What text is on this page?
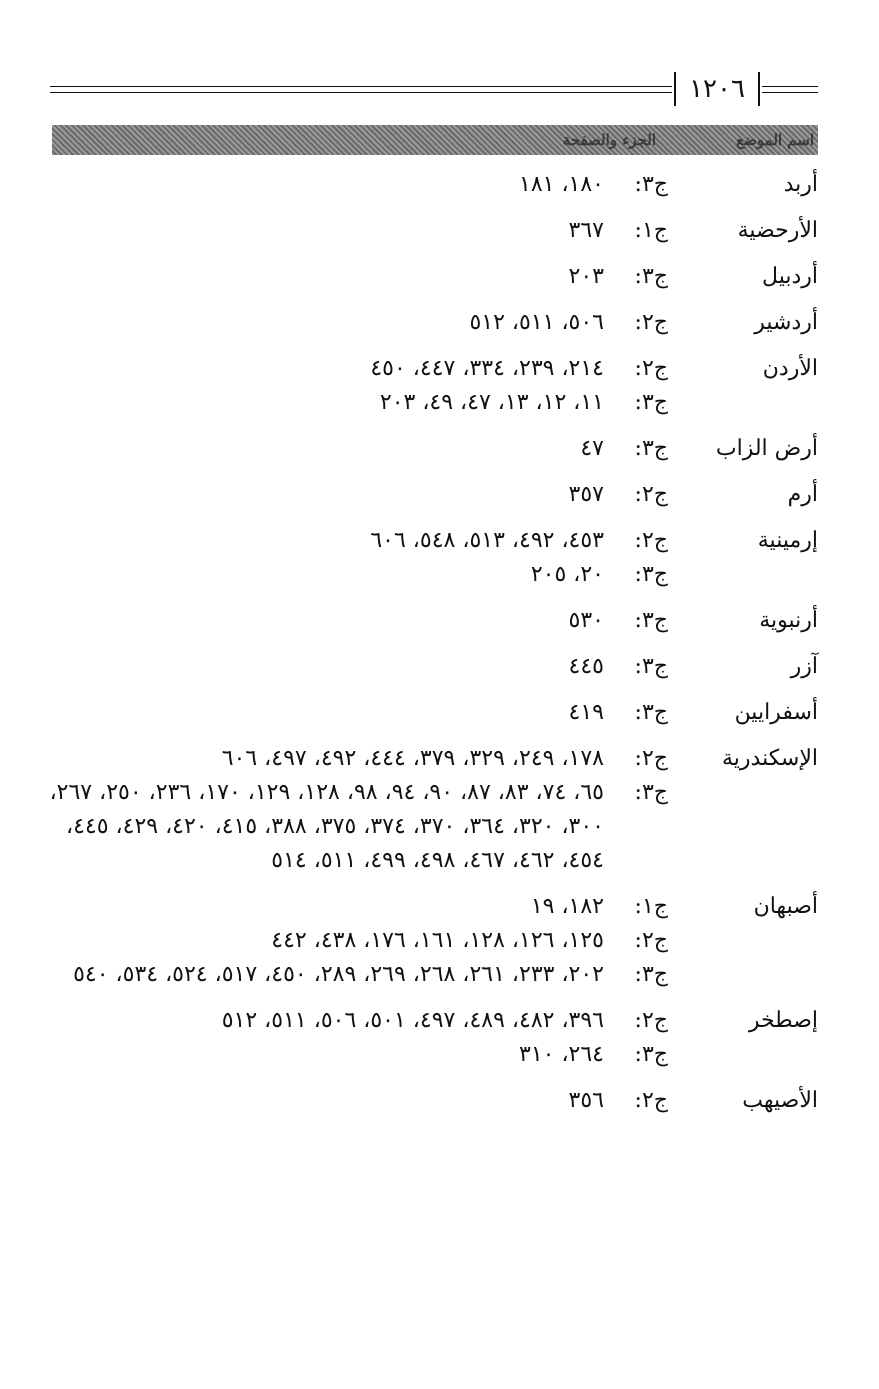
١٢٠٦
اسم الموضع
الجزء والصفحة
أربد
ج٣:
١٨٠، ١٨١
الأرحضية
ج١:
٣٦٧
أردبيل
ج٣:
٢٠٣
أردشير
ج٢:
٥٠٦، ٥١١، ٥١٢
الأردن
ج٢:
٢١٤، ٢٣٩، ٣٣٤، ٤٤٧، ٤٥٠
ج٣:
١١، ١٢، ١٣، ٤٧، ٤٩، ٢٠٣
أرض الزاب
ج٣:
٤٧
أرم
ج٢:
٣٥٧
إرمينية
ج٢:
٤٥٣، ٤٩٢، ٥١٣، ٥٤٨، ٦٠٦
ج٣:
٢٠، ٢٠٥
أرنبوية
ج٣:
٥٣٠
آزر
ج٣:
٤٤٥
أسفرايين
ج٣:
٤١٩
الإسكندرية
ج٢:
١٧٨، ٢٤٩، ٣٢٩، ٣٧٩، ٤٤٤، ٤٩٢، ٤٩٧، ٦٠٦
ج٣:
٦٥، ٧٤، ٨٣، ٨٧، ٩٠، ٩٤، ٩٨، ١٢٨، ١٢٩، ١٧٠، ٢٣٦، ٢٥٠، ٢٦٧، ٣٠٠، ٣٢٠، ٣٦٤، ٣٧٠، ٣٧٤، ٣٧٥، ٣٨٨، ٤١٥، ٤٢٠، ٤٢٩، ٤٤٥، ٤٥٤، ٤٦٢، ٤٦٧، ٤٩٨، ٤٩٩، ٥١١، ٥١٤
أصبهان
ج١:
١٨٢، ١٩
ج٢:
١٢٥، ١٢٦، ١٢٨، ١٦١، ١٧٦، ٤٣٨، ٤٤٢
ج٣:
٢٠٢، ٢٣٣، ٢٦١، ٢٦٨، ٢٦٩، ٢٨٩، ٤٥٠، ٥١٧، ٥٢٤، ٥٣٤، ٥٤٠
إصطخر
ج٢:
٣٩٦، ٤٨٢، ٤٨٩، ٤٩٧، ٥٠١، ٥٠٦، ٥١١، ٥١٢
ج٣:
٢٦٤، ٣١٠
الأصيهب
ج٢:
٣٥٦
